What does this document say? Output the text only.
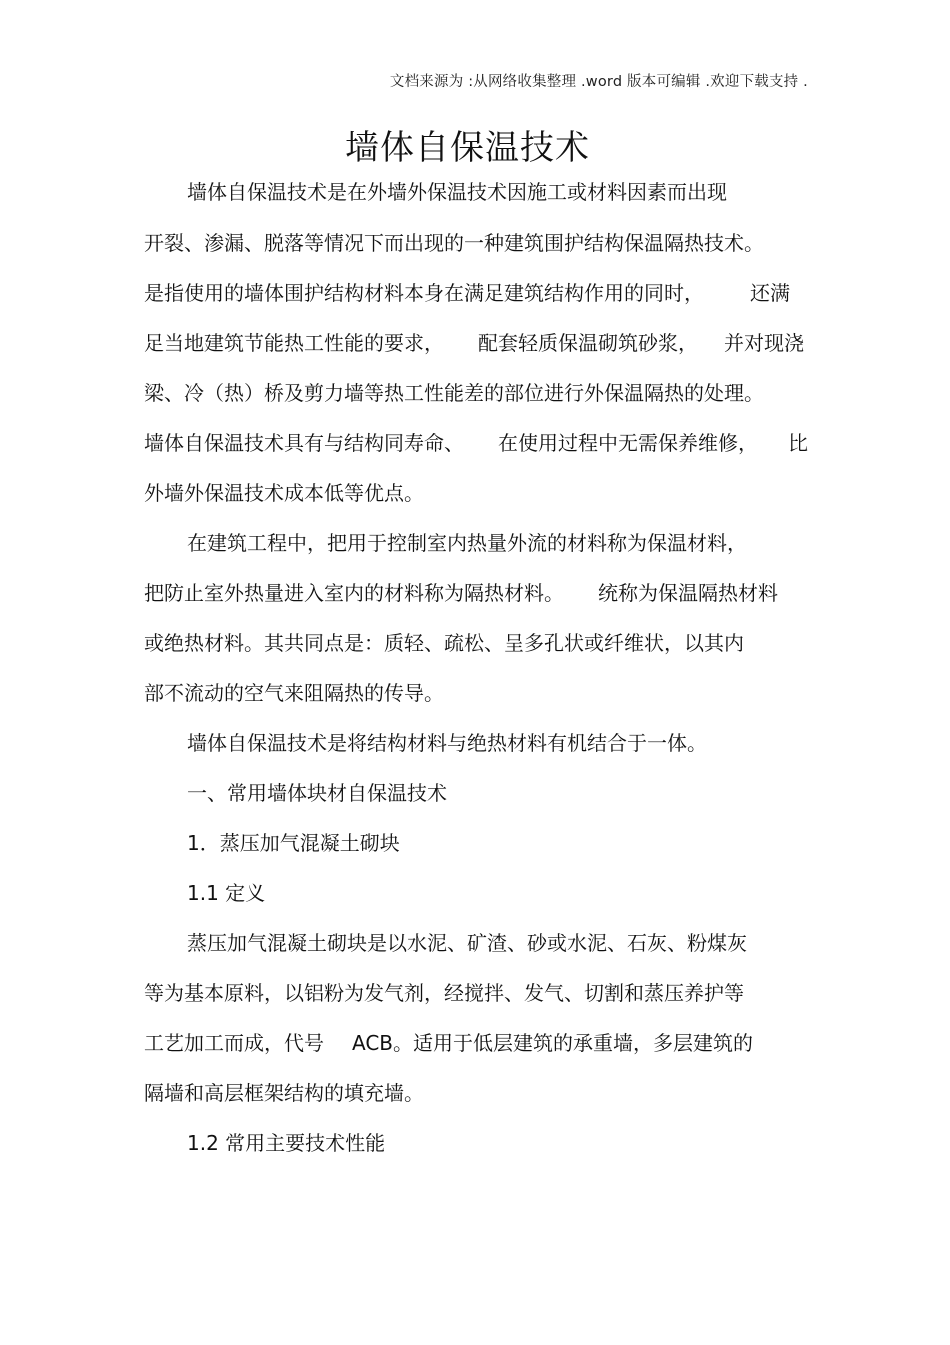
文档来源为 :从网络收集整理 .word 版本可编辑 .欢迎下载支持 .
墙体自保温技术

墙体自保温技术是在外墙外保温技术因施工或材料因素而出现

开裂、渗漏、脱落等情况下而出现的一种建筑围护结构保温隔热技术。

是指使用的墙体围护结构材料本身在满足建筑结构作用的同时， 还满

足当地建筑节能热工性能的要求， 配套轻质保温砌筑砂浆， 并对现浇

梁、冷（热）桥及剪力墙等热工性能差的部位进行外保温隔热的处理。

墙体自保温技术具有与结构同寿命、 在使用过程中无需保养维修， 比

外墙外保温技术成本低等优点。

在建筑工程中，把用于控制室内热量外流的材料称为保温材料，

把防止室外热量进入室内的材料称为隔热材料。 统称为保温隔热材料

或绝热材料。其共同点是：质轻、疏松、呈多孔状或纤维状，以其内

部不流动的空气来阻隔热的传导。

墙体自保温技术是将结构材料与绝热材料有机结合于一体。

一、常用墙体块材自保温技术

1．蒸压加气混凝土砌块

1.1 定义

蒸压加气混凝土砌块是以水泥、矿渣、砂或水泥、石灰、粉煤灰

等为基本原料，以铝粉为发气剂，经搅拌、发气、切割和蒸压养护等

工艺加工而成，代号 ACB。适用于低层建筑的承重墙，多层建筑的

隔墙和高层框架结构的填充墙。

1.2 常用主要技术性能
